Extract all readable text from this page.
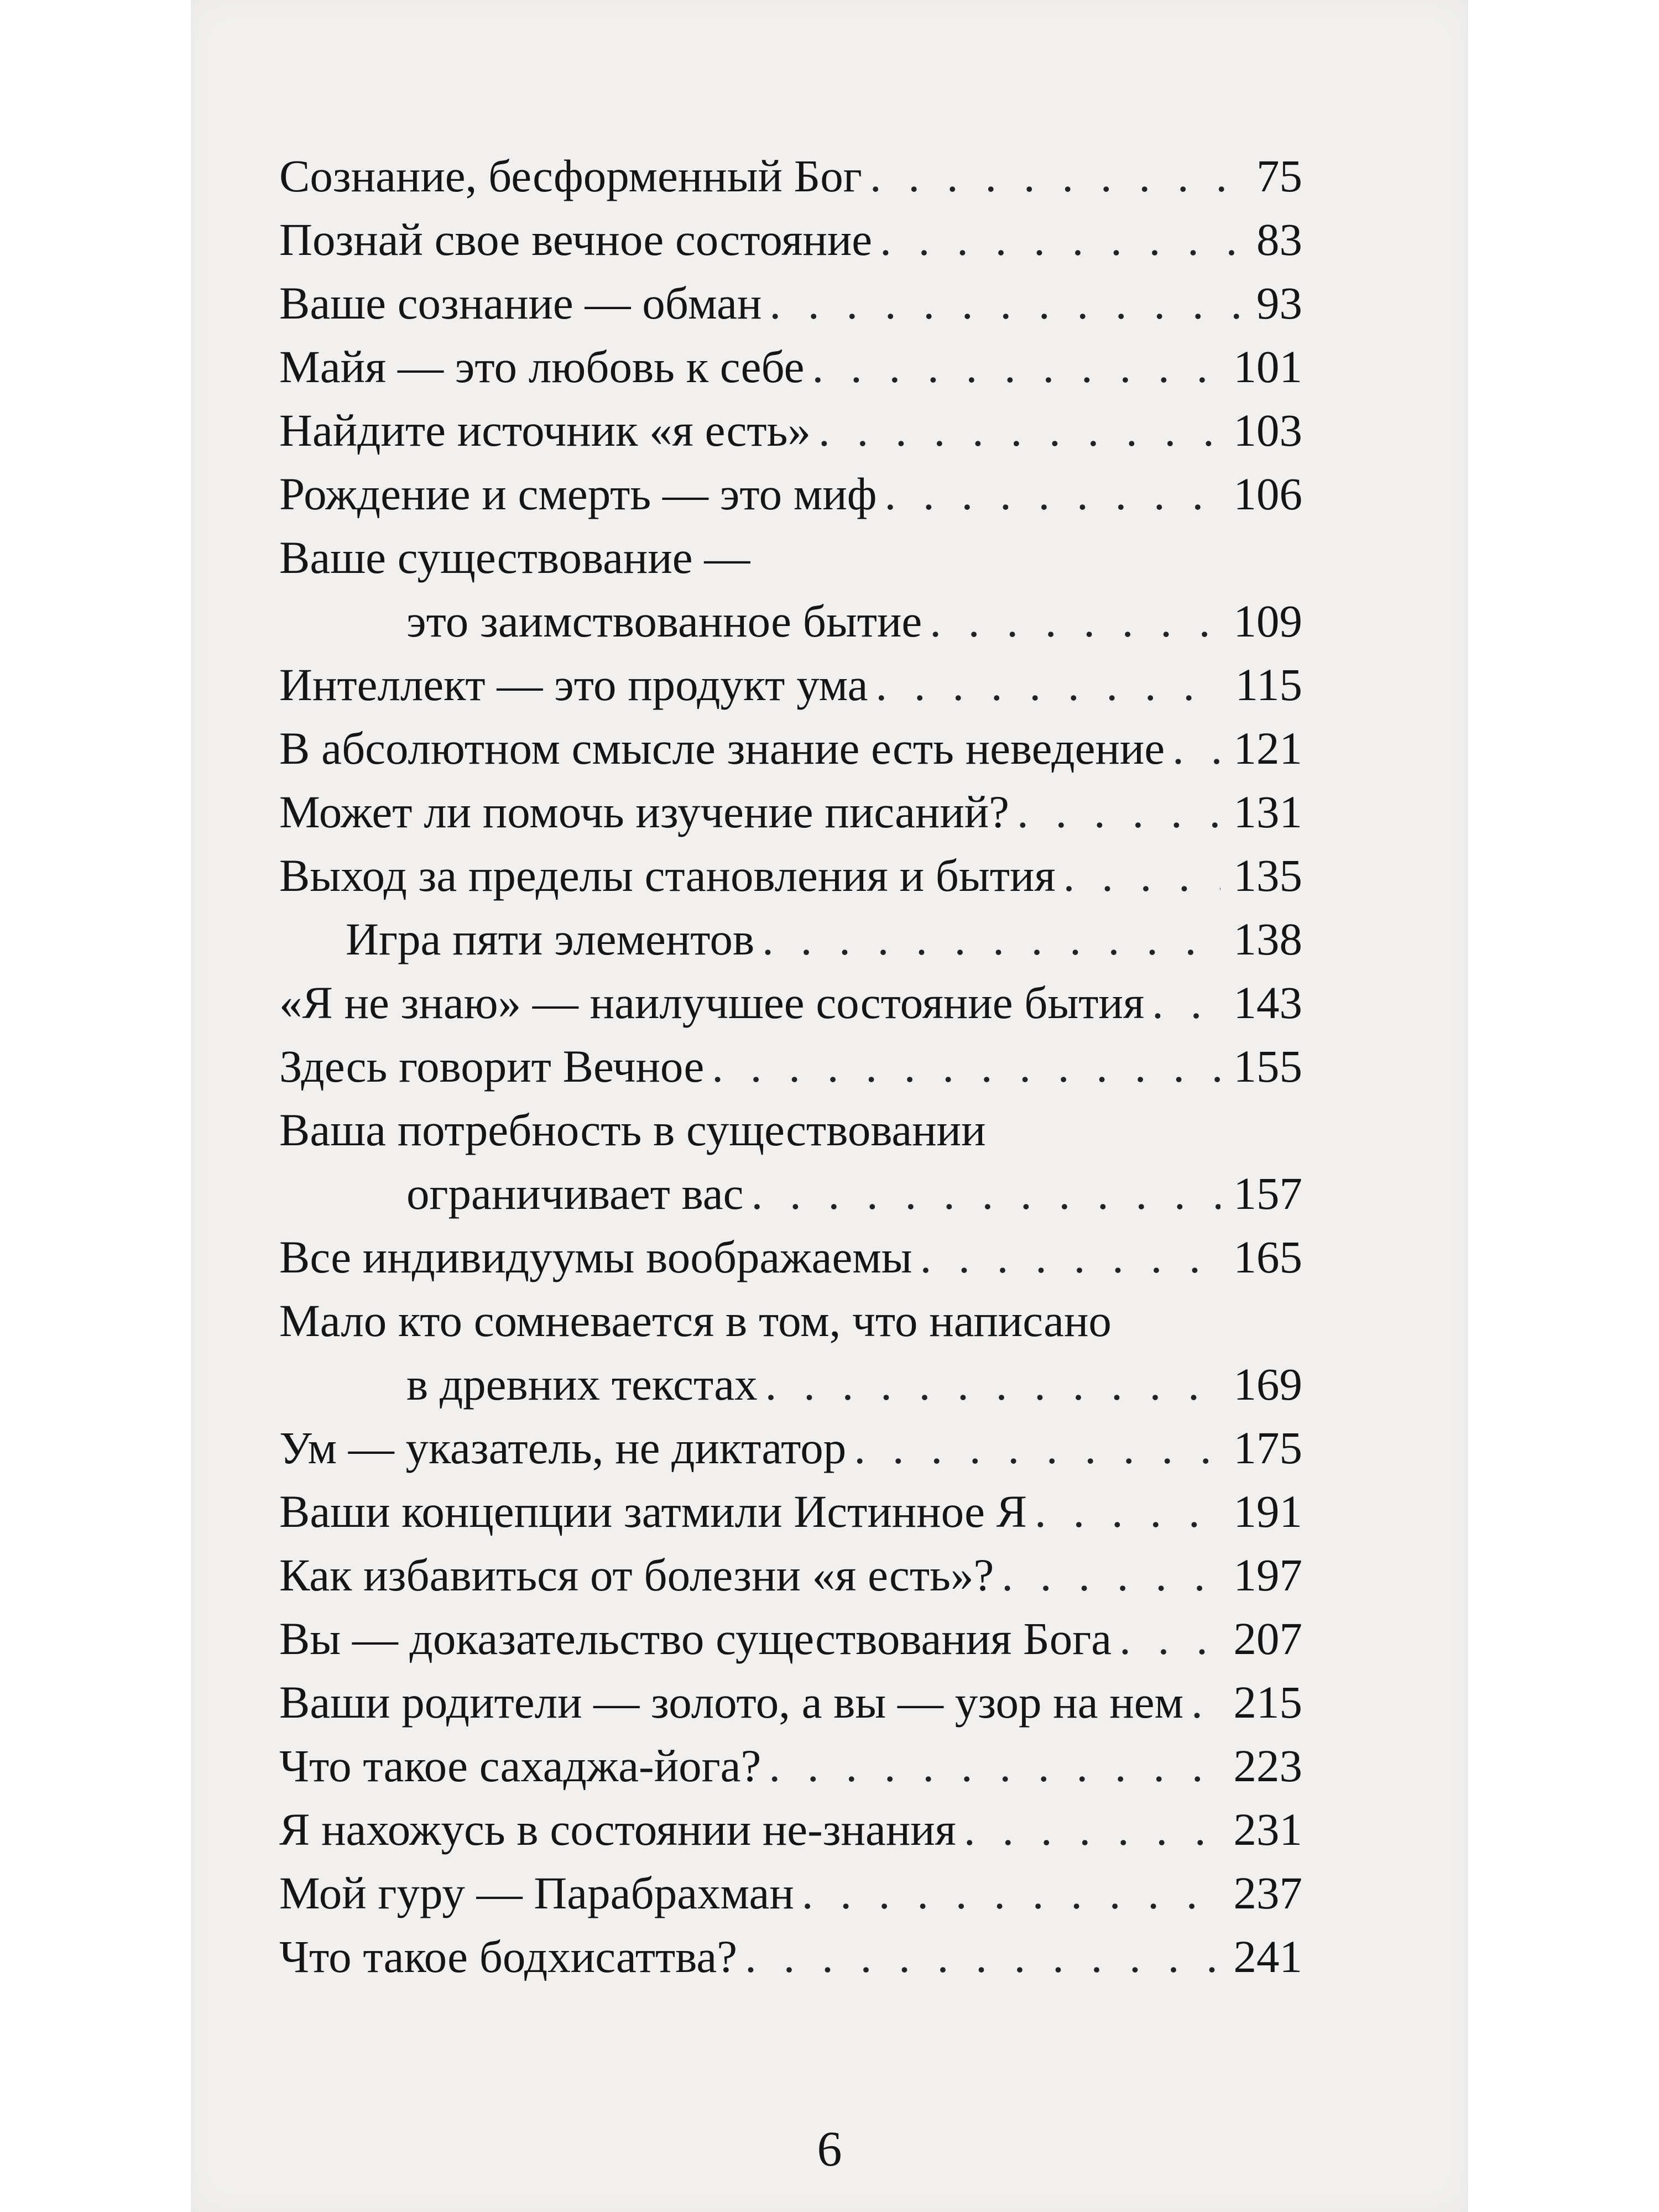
Сознание, бесформенный Бог . . .	75
Познай свое вечное состояние . . .	83
Ваше сознание — обман . . .	93
Майя — это любовь к себе . . .	101
Найдите источник «я есть» . . .	103
Рождение и смерть — это миф . . .	106
Ваше существование —
это заимствованное бытие . . .	109
Интеллект — это продукт ума . . .	115
В абсолютном смысле знание есть неведение . . . 121
Может ли помочь изучение писаний? . . .	131
Выход за пределы становления и бытия . . .	135
Игра пяти элементов . . .	138
«Я не знаю» — наилучшее состояние бытия . . . 143
Здесь говорит Вечное . . .	155
Ваша потребность в существовании
ограничивает вас . . .	157
Все индивидуумы воображаемы . . .	165
Мало кто сомневается в том, что написано
в древних текстах . . .	169
Ум — указатель, не диктатор . . .	175
Ваши концепции затмили Истинное Я . . .	191
Как избавиться от болезни «я есть»? . . .	197
Вы — доказательство существования Бога . . .	207
Ваши родители — золото, а вы — узор на нем . . . 215
Что такое сахаджа-йога? . . .	223
Я нахожусь в состоянии не-знания . . .	231
Мой гуру — Парабрахман . . .	237
Что такое бодхисаттва? . . .	241
6
